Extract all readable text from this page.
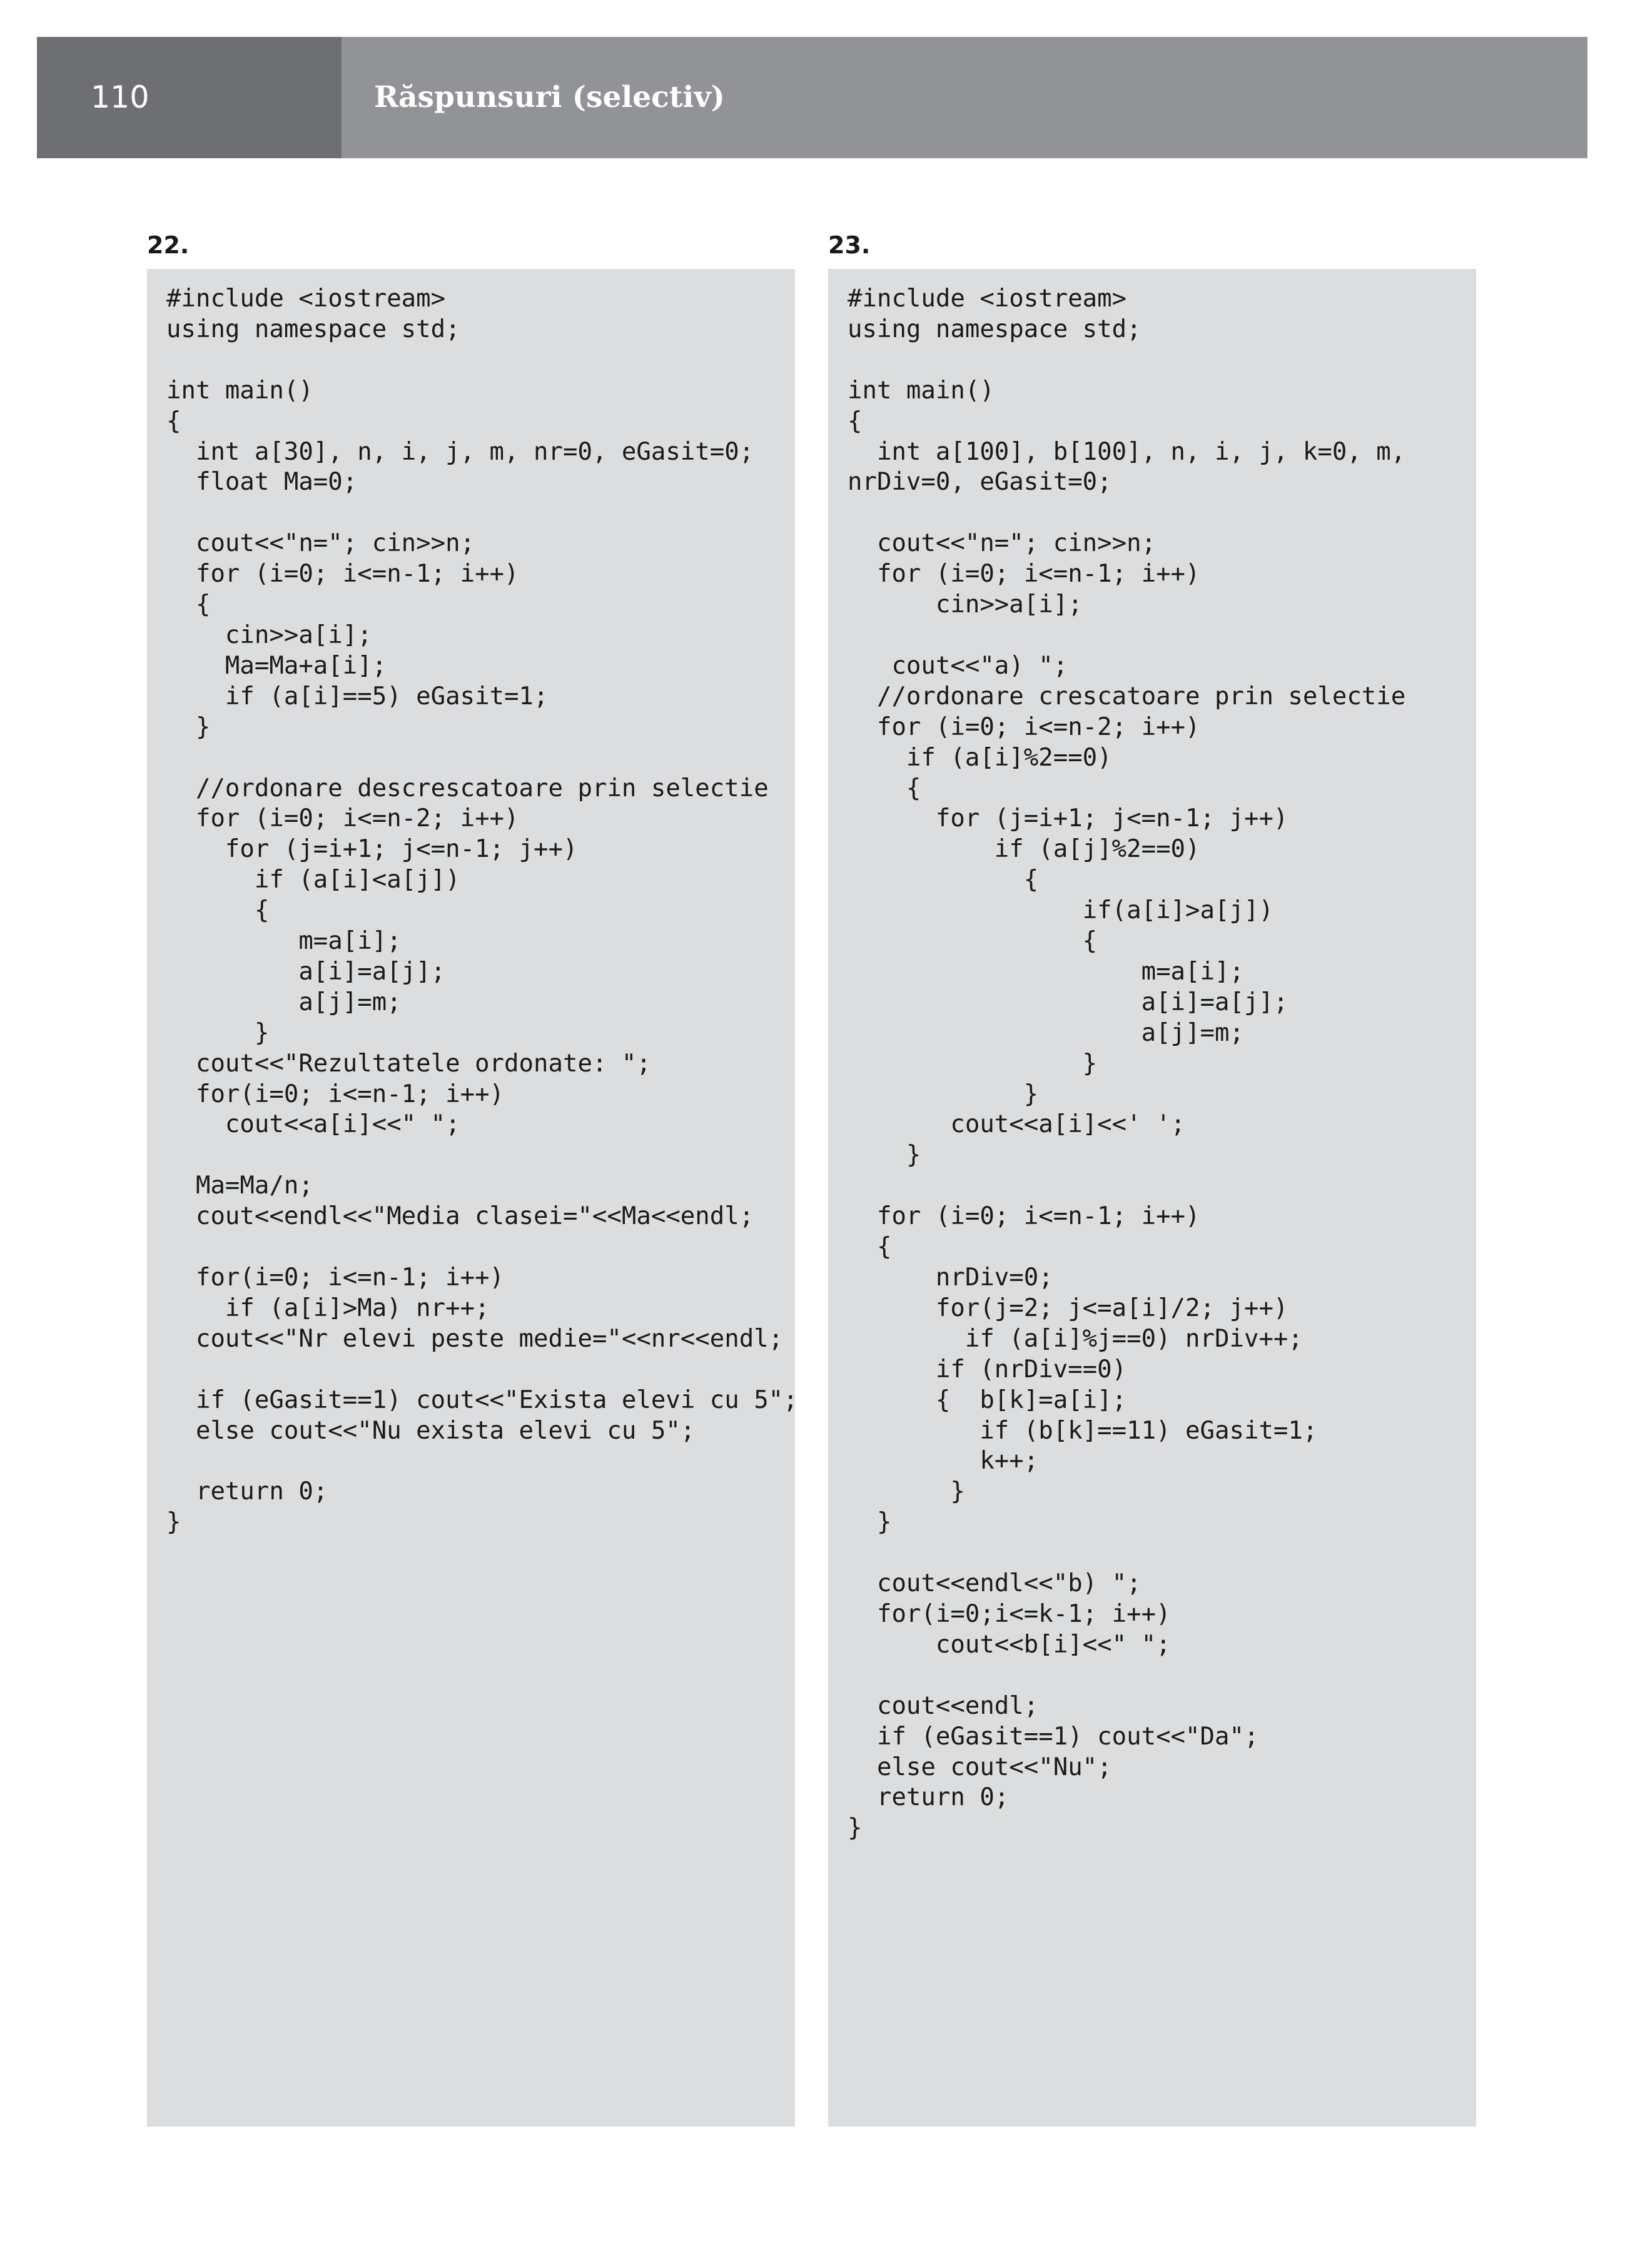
110	Răspunsuri (selectiv)
22.
#include <iostream>
using namespace std;

int main()
{
int a[30], n, i, j, m, nr=0, eGasit=0;
float Ma=0;

cout<<"n="; cin>>n;
for (i=0; i<=n-1; i++)
{
cin>>a[i];
Ma=Ma+a[i];
if (a[i]==5) eGasit=1;
}

//ordonare descrescatoare prin selectie
for (i=0; i<=n-2; i++)
for (j=i+1; j<=n-1; j++)
if (a[i]<a[j])
{
m=a[i];
a[i]=a[j];
a[j]=m;
}
cout<<"Rezultatele ordonate: ";
for(i=0; i<=n-1; i++)
cout<<a[i]<<" ";

Ma=Ma/n;
cout<<endl<<"Media clasei="<<Ma<<endl;

for(i=0; i<=n-1; i++)
if (a[i]>Ma) nr++;
cout<<"Nr elevi peste medie="<<nr<<endl;

if (eGasit==1) cout<<"Exista elevi cu 5";
else cout<<"Nu exista elevi cu 5";

return 0;
}
23.
#include <iostream>
using namespace std;

int main()
{
int a[100], b[100], n, i, j, k=0, m,
nrDiv=0, eGasit=0;

cout<<"n="; cin>>n;
for (i=0; i<=n-1; i++)
cin>>a[i];

cout<<"a) ";
//ordonare crescatoare prin selectie
for (i=0; i<=n-2; i++)
if (a[i]%2==0)
{
for (j=i+1; j<=n-1; j++)
if (a[j]%2==0)
{
if(a[i]>a[j])
{
m=a[i];
a[i]=a[j];
a[j]=m;
}
}
cout<<a[i]<<' ';
}

for (i=0; i<=n-1; i++)
{
nrDiv=0;
for(j=2; j<=a[i]/2; j++)
if (a[i]%j==0) nrDiv++;
if (nrDiv==0)
{  b[k]=a[i];
if (b[k]==11) eGasit=1;
k++;
}
}

cout<<endl<<"b) ";
for(i=0;i<=k-1; i++)
cout<<b[i]<<" ";

cout<<endl;
if (eGasit==1) cout<<"Da";
else cout<<"Nu";
return 0;
}
